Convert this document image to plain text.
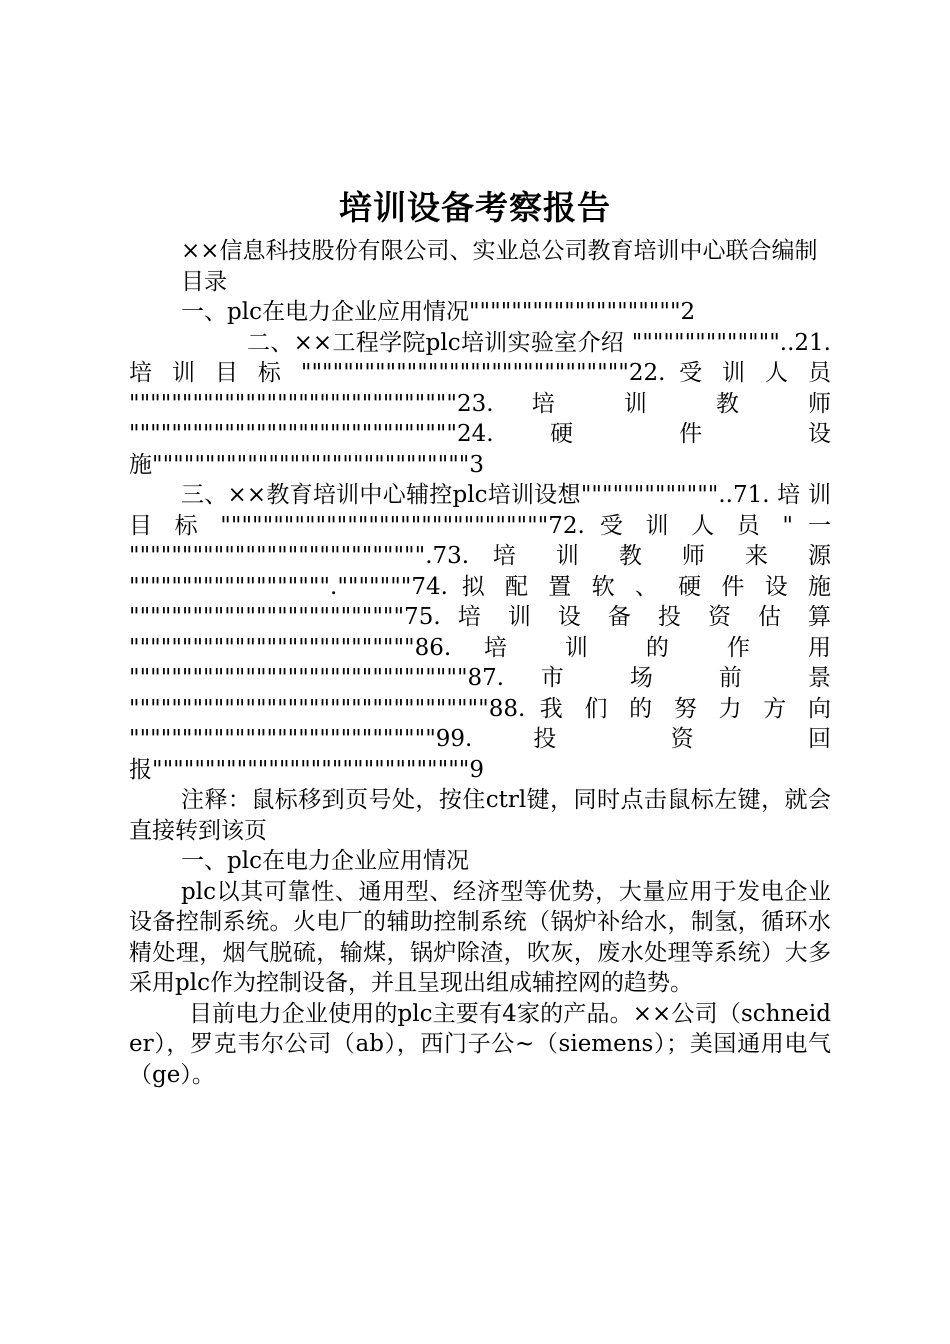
培训设备考察报告

××信息科技股份有限公司、实业总公司教育培训中心联合编制

目录

一、plc在电力企业应用情况""""""""""""""""""""2

二、××工程学院plc培训实验室介绍 """"""""""""""..21. 培 训 目 标 """""""""""""""""""""""""""""""22. 受 训 人 员 """""""""""""""""""""""""""""""23. 培 训 教 师 """""""""""""""""""""""""""""""24. 硬 件 设 施""""""""""""""""""""""""""""""3

三、××教育培训中心辅控plc培训设想"""""""""""""..71. 培 训 目 标 """""""""""""""""""""""""""""""72. 受 训 人 员 " 一 """""""""""""""""""""""""""".73. 培 训 教 师 来 源 """""""""""""""""""."""""""74. 拟 配 置 软 、 硬 件 设 施 """"""""""""""""""""""""""75. 培 训 设 备 投 资 估 算 """""""""""""""""""""""""""86. 培 训 的 作 用 """"""""""""""""""""""""""""""""87. 市 场 前 景 """"""""""""""""""""""""""""""""""88. 我 们 的 努 力 方 向 """""""""""""""""""""""""""""99. 投 资 回 报""""""""""""""""""""""""""""""9

注释：鼠标移到页号处，按住ctrl键，同时点击鼠标左键，就会直接转到该页

一、plc在电力企业应用情况

plc以其可靠性、通用型、经济型等优势，大量应用于发电企业设备控制系统。火电厂的辅助控制系统（锅炉补给水，制氢，循环水精处理，烟气脱硫，输煤，锅炉除渣，吹灰，废水处理等系统）大多采用plc作为控制设备，并且呈现出组成辅控网的趋势。

目前电力企业使用的plc主要有4家的产品。××公司（schneider），罗克韦尔公司（ab），西门子公~（siemens）；美国通用电气（ge）。
